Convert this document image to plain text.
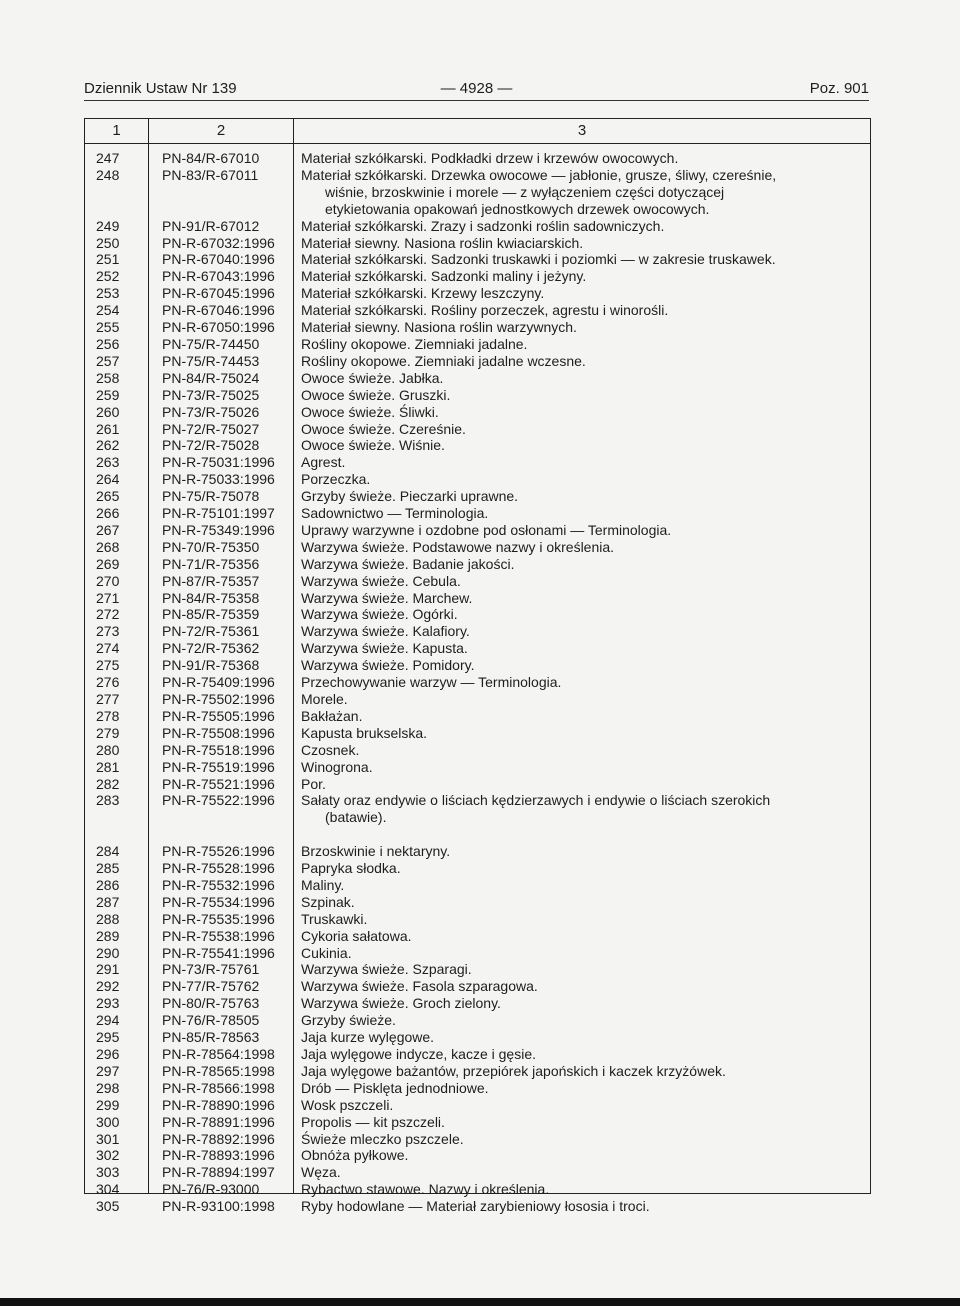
Dziennik Ustaw Nr 139	— 4928 —	Poz. 901
1	2	3
247	PN-84/R-67010	Materiał szkółkarski. Podkładki drzew i krzewów owocowych.
248	PN-83/R-67011	Materiał szkółkarski. Drzewka owocowe — jabłonie, grusze, śliwy, czereśnie,
wiśnie, brzoskwinie i morele — z wyłączeniem części dotyczącej
etykietowania opakowań jednostkowych drzewek owocowych.
249	PN-91/R-67012	Materiał szkółkarski. Zrazy i sadzonki roślin sadowniczych.
250	PN-R-67032:1996	Materiał siewny. Nasiona roślin kwiaciarskich.
251	PN-R-67040:1996	Materiał szkółkarski. Sadzonki truskawki i poziomki — w zakresie truskawek.
252	PN-R-67043:1996	Materiał szkółkarski. Sadzonki maliny i jeżyny.
253	PN-R-67045:1996	Materiał szkółkarski. Krzewy leszczyny.
254	PN-R-67046:1996	Materiał szkółkarski. Rośliny porzeczek, agrestu i winorośli.
255	PN-R-67050:1996	Materiał siewny. Nasiona roślin warzywnych.
256	PN-75/R-74450	Rośliny okopowe. Ziemniaki jadalne.
257	PN-75/R-74453	Rośliny okopowe. Ziemniaki jadalne wczesne.
258	PN-84/R-75024	Owoce świeże. Jabłka.
259	PN-73/R-75025	Owoce świeże. Gruszki.
260	PN-73/R-75026	Owoce świeże. Śliwki.
261	PN-72/R-75027	Owoce świeże. Czereśnie.
262	PN-72/R-75028	Owoce świeże. Wiśnie.
263	PN-R-75031:1996	Agrest.
264	PN-R-75033:1996	Porzeczka.
265	PN-75/R-75078	Grzyby świeże. Pieczarki uprawne.
266	PN-R-75101:1997	Sadownictwo — Terminologia.
267	PN-R-75349:1996	Uprawy warzywne i ozdobne pod osłonami — Terminologia.
268	PN-70/R-75350	Warzywa świeże. Podstawowe nazwy i określenia.
269	PN-71/R-75356	Warzywa świeże. Badanie jakości.
270	PN-87/R-75357	Warzywa świeże. Cebula.
271	PN-84/R-75358	Warzywa świeże. Marchew.
272	PN-85/R-75359	Warzywa świeże. Ogórki.
273	PN-72/R-75361	Warzywa świeże. Kalafiory.
274	PN-72/R-75362	Warzywa świeże. Kapusta.
275	PN-91/R-75368	Warzywa świeże. Pomidory.
276	PN-R-75409:1996	Przechowywanie warzyw — Terminologia.
277	PN-R-75502:1996	Morele.
278	PN-R-75505:1996	Bakłażan.
279	PN-R-75508:1996	Kapusta brukselska.
280	PN-R-75518:1996	Czosnek.
281	PN-R-75519:1996	Winogrona.
282	PN-R-75521:1996	Por.
283	PN-R-75522:1996	Sałaty oraz endywie o liściach kędzierzawych i endywie o liściach szerokich
(batawie).
284	PN-R-75526:1996	Brzoskwinie i nektaryny.
285	PN-R-75528:1996	Papryka słodka.
286	PN-R-75532:1996	Maliny.
287	PN-R-75534:1996	Szpinak.
288	PN-R-75535:1996	Truskawki.
289	PN-R-75538:1996	Cykoria sałatowa.
290	PN-R-75541:1996	Cukinia.
291	PN-73/R-75761	Warzywa świeże. Szparagi.
292	PN-77/R-75762	Warzywa świeże. Fasola szparagowa.
293	PN-80/R-75763	Warzywa świeże. Groch zielony.
294	PN-76/R-78505	Grzyby świeże.
295	PN-85/R-78563	Jaja kurze wylęgowe.
296	PN-R-78564:1998	Jaja wylęgowe indycze, kacze i gęsie.
297	PN-R-78565:1998	Jaja wylęgowe bażantów, przepiórek japońskich i kaczek krzyżówek.
298	PN-R-78566:1998	Drób — Pisklęta jednodniowe.
299	PN-R-78890:1996	Wosk pszczeli.
300	PN-R-78891:1996	Propolis — kit pszczeli.
301	PN-R-78892:1996	Świeże mleczko pszczele.
302	PN-R-78893:1996	Obnóża pyłkowe.
303	PN-R-78894:1997	Węza.
304	PN-76/R-93000	Rybactwo stawowe. Nazwy i określenia.
305	PN-R-93100:1998	Ryby hodowlane — Materiał zarybieniowy łososia i troci.
